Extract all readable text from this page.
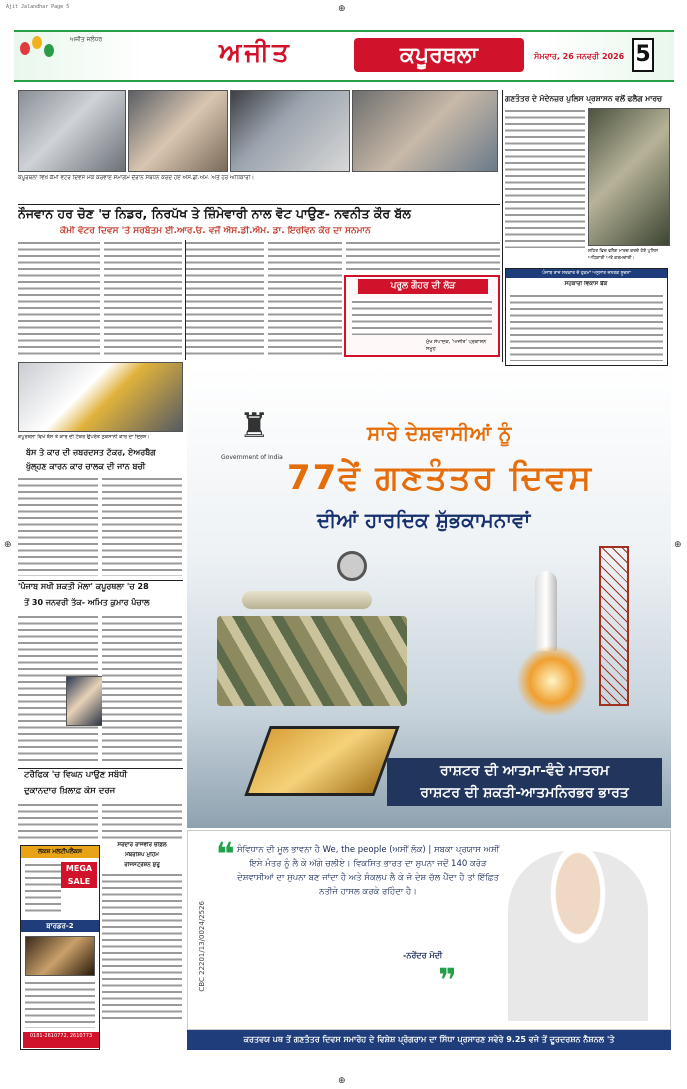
Ajit Jalandhar Page 5
⊕	⊕
⊕
⊕
ਅਜੀਤ ਜਲੰਧਰ	ਅਜੀਤ	ਕਪੂਰਥਲਾ	ਸੋਮਵਾਰ, 26 ਜਨਵਰੀ 2026 5
ਕਪੂਰਥਲਾ ਵਿਖੇ ਕੌਮੀ ਵੋਟਰ ਦਿਵਸ ਮੌਕੇ ਕਰਵਾਏ ਸਮਾਗਮ ਦੌਰਾਨ ਸੰਬੋਧਨ ਕਰਦੇ ਹੋਏ ਐਸ.ਡੀ.ਐਮ. ਅਤੇ ਹੋਰ ਅਧਿਕਾਰੀ।
ਨੌਜਵਾਨ ਹਰ ਚੋਣ 'ਚ ਨਿਡਰ, ਨਿਰਪੱਖ ਤੇ ਜ਼ਿੰਮੇਵਾਰੀ ਨਾਲ ਵੋਟ ਪਾਉਣ- ਨਵਨੀਤ ਕੌਰ ਬੱਲ
ਕੌਮੀ ਵੋਟਰ ਦਿਵਸ 'ਤੇ ਸਰਬੋਤਮ ਈ.ਆਰ.ਓ. ਵਜੋਂ ਐਸ.ਡੀ.ਐਮ. ਡਾ. ਇਰਵਿਨ ਕੌਰ ਦਾ ਸਨਮਾਨ
ਪਰੂਲ ਗੌਹਰ ਦੀ ਲੋੜ
ਮੁੱਖ ਸੰਪਾਦਕ, 'ਅਜੀਤ' ਪ੍ਰਕਾਸ਼ਨ ਸਮੂਹ
ਗਣਤੰਤਰ ਦੇ ਮੱਦੇਨਜ਼ਰ ਪੁਲਿਸ ਪ੍ਰਸ਼ਾਸਨ ਵਲੋਂ ਫਲੈਗ ਮਾਰਚ
ਸ਼ਹਿਰ ਵਿਚ ਫਲੈਗ ਮਾਰਚ ਕਰਦੇ ਹੋਏ ਪੁਲਿਸ ਅਧਿਕਾਰੀ ਅਤੇ ਕਰਮਚਾਰੀ।
ਪੰਜਾਬ ਰਾਜ ਸਰਕਾਰ ਦੇ ਹੁਕਮਾਂ ਅਨੁਸਾਰ ਜਨਤਕ ਸੂਚਨਾ
ਸਹਕਾਰੀ ਵਿਕਾਸ ਬੈਂਕ
ਕਪੂਰਥਲਾ ਵਿਖੇ ਬੱਸ ਤੇ ਕਾਰ ਦੀ ਟੱਕਰ ਉਪਰੰਤ ਨੁਕਸਾਨੀ ਕਾਰ ਦਾ ਦ੍ਰਿਸ਼।
ਬੱਸ ਤੇ ਕਾਰ ਦੀ ਜ਼ਬਰਦਸਤ ਟੱਕਰ, ਏਅਰਬੈਗ
ਖੁੱਲ੍ਹਣ ਕਾਰਨ ਕਾਰ ਚਾਲਕ ਦੀ ਜਾਨ ਬਚੀ
'ਪੰਜਾਬ ਸਖੀ ਸ਼ਕਤੀ ਮੇਲਾ' ਕਪੂਰਥਲਾ 'ਚ 28
ਤੋਂ 30 ਜਨਵਰੀ ਤੱਕ- ਅਮਿਤ ਕੁਮਾਰ ਪੰਚਾਲ
ਟਰੈਫਿਕ 'ਚ ਵਿਘਨ ਪਾਉਣ ਸਬੰਧੀ
ਦੁਕਾਨਦਾਰ ਖ਼ਿਲਾਫ਼ ਕੇਸ ਦਰਜ
ਸਰਦਾਰ ਰਾਜਵੀਰ ਚੀਫ਼ਲ
ਮੈਂਬਰਸ਼ਿਪ ਮੁਹਿੰਮ
ਰਜਿਸਟ੍ਰੇਸ਼ਨ ਸ਼ੁਰੂ
ਲਕਸ਼ ਮਲਟੀਪਲੈਕਸ
MEGA
SALE
ਬਾਰਡਰ-2
0181-2610772, 2610773
♜
Government of India
ਸਾਰੇ ਦੇਸ਼ਵਾਸੀਆਂ ਨੂੰ
77ਵੇਂ ਗਣਤੰਤਰ ਦਿਵਸ
ਦੀਆਂ ਹਾਰਦਿਕ ਸ਼ੁੱਭਕਾਮਨਾਵਾਂ
ਰਾਸ਼ਟਰ ਦੀ ਆਤਮਾ-ਵੰਦੇ ਮਾਤਰਮ
ਰਾਸ਼ਟਰ ਦੀ ਸ਼ਕਤੀ-ਆਤਮਨਿਰਭਰ ਭਾਰਤ
CBC 22201/13/0024/2526
❝ ਸੰਵਿਧਾਨ ਦੀ ਮੂਲ ਭਾਵਨਾ ਹੈ We, the people (ਅਸੀਂ ਲੋਕ) | ਸਬਕਾ ਪ੍ਰਯਾਸ ਅਸੀਂ ਇਸੇ ਮੰਤਰ ਨੂੰ ਲੈ ਕੇ ਅੱਗੇ ਚਲੀਏ। ਵਿਕਸਿਤ ਭਾਰਤ ਦਾ ਸੁਪਨਾ ਜਦੋਂ 140 ਕਰੋੜ ਦੇਸ਼ਵਾਸੀਆਂ ਦਾ ਸੁਪਨਾ ਬਣ ਜਾਂਦਾ ਹੈ ਅਤੇ ਸੰਕਲਪ ਲੈ ਕੇ ਜੋ ਦੇਸ਼ ਚੱਲ ਪੈਂਦਾ ਹੈ ਤਾਂ ਇੱਛਿਤ ਨਤੀਜੇ ਹਾਸਲ ਕਰਕੇ ਰਹਿੰਦਾ ਹੈ।
-ਨਰੇਂਦਰ ਮੋਦੀ
❞
ਕਰਤਵਯ ਪਥ ਤੋਂ ਗਣਤੰਤਰ ਦਿਵਸ ਸਮਾਰੋਹ ਦੇ ਵਿਸ਼ੇਸ਼ ਪ੍ਰੋਗਰਾਮ ਦਾ ਸਿੱਧਾ ਪ੍ਰਸਾਰਣ ਸਵੇਰੇ 9.25 ਵਜੇ ਤੋਂ ਦੂਰਦਰਸ਼ਨ ਨੈਸ਼ਨਲ 'ਤੇ
